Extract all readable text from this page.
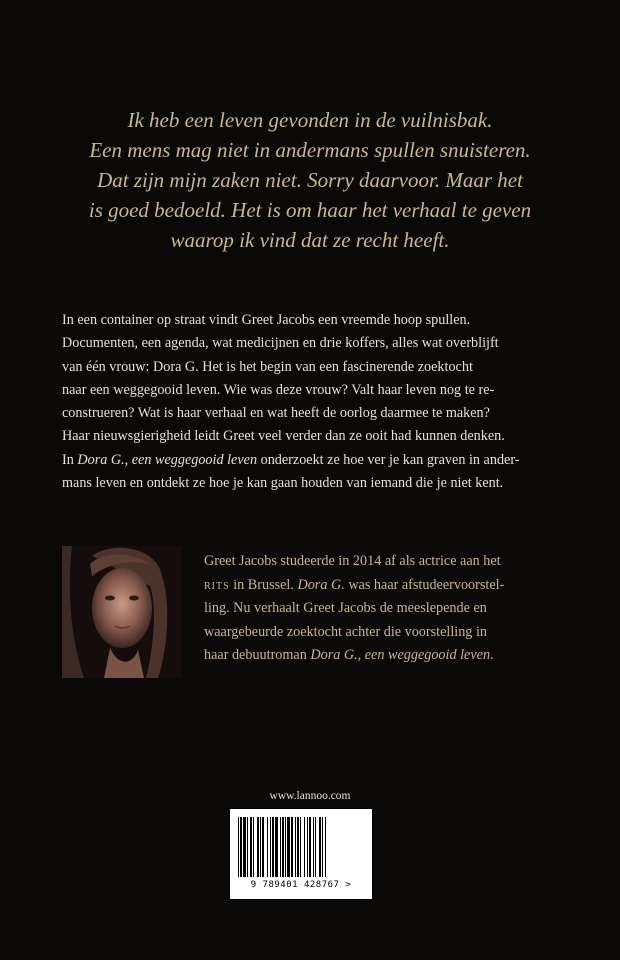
Ik heb een leven gevonden in de vuilnisbak.
Een mens mag niet in andermans spullen snuisteren.
Dat zijn mijn zaken niet. Sorry daarvoor. Maar het
is goed bedoeld. Het is om haar het verhaal te geven
waarop ik vind dat ze recht heeft.

In een container op straat vindt Greet Jacobs een vreemde hoop spullen.
Documenten, een agenda, wat medicijnen en drie koffers, alles wat overblijft
van één vrouw: Dora G. Het is het begin van een fascinerende zoektocht
naar een weggegooid leven. Wie was deze vrouw? Valt haar leven nog te re-
construeren? Wat is haar verhaal en wat heeft de oorlog daarmee te maken?
Haar nieuwsgierigheid leidt Greet veel verder dan ze ooit had kunnen denken.
In Dora G., een weggegooid leven onderzoekt ze hoe ver je kan graven in ander-
mans leven en ontdekt ze hoe je kan gaan houden van iemand die je niet kent.

Greet Jacobs studeerde in 2014 af als actrice aan het
rits in Brussel. Dora G. was haar afstudeervoorstel-
ling. Nu verhaalt Greet Jacobs de meeslepende en
waargebeurde zoektocht achter die voorstelling in
haar debuutroman Dora G., een weggegooid leven.

www.lannoo.com
9 789401 428767 >
